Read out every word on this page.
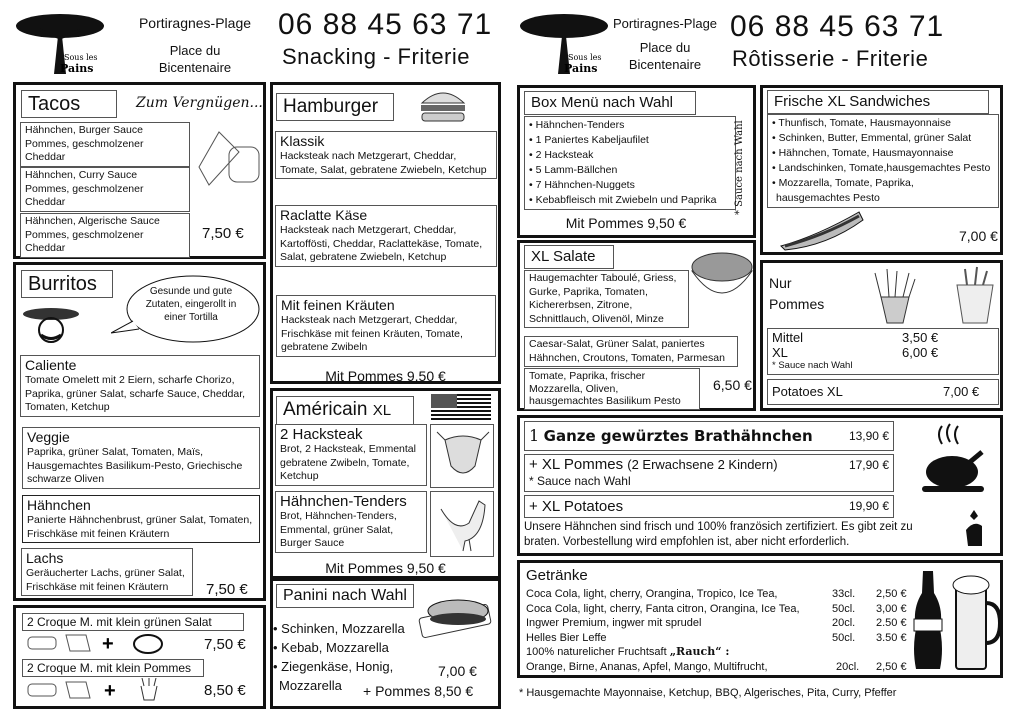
Sous les
Pains
Portiragnes-Plage
Place du
Bicentenaire
06 88 45 63 71
Snacking - Friterie	Sous les
Pains
Portiragnes-Plage
Place du
Bicentenaire
06 88 45 63 71
Rôtisserie - Friterie
Tacos	Zum Vergnügen...
Hähnchen, Burger Sauce
Pommes, geschmolzener
Cheddar
Hähnchen, Curry Sauce
Pommes, geschmolzener
Cheddar
Hähnchen, Algerische Sauce
Pommes, geschmolzener
Cheddar
7,50 €
Burritos	Gesunde und gute Zutaten, eingerollt in einer Tortilla
Caliente
Tomate Omelett mit 2 Eiern, scharfe Chorizo, Paprika, grüner Salat, scharfe Sauce, Cheddar, Tomaten, Ketchup
Veggie
Paprika, grüner Salat, Tomaten, Maïs, Hausgemachtes Basilikum-Pesto, Griechische schwarze Oliven
Hähnchen
Panierte Hähnchenbrust, grüner Salat, Tomaten, Frischkäse mit feinen Kräutern
Lachs
Geräucherter Lachs, grüner Salat, Frischkäse mit feinen Kräutern	7,50 €
2 Croque M. mit klein grünen Salat
+	7,50 €
2 Croque M. mit klein Pommes
+	8,50 €
Hamburger
Klassik
Hacksteak nach Metzgerart, Cheddar, Tomate, Salat, gebratene Zwiebeln, Ketchup
Raclatte Käse
Hacksteak nach Metzgerart, Cheddar, Kartoffösti, Cheddar, Raclattekäse, Tomate, Salat, gebratene Zwiebeln, Ketchup
Mit feinen Kräuten
Hacksteak nach Metzgerart, Cheddar, Frischkäse mit feinen Kräuten, Tomate, gebratene Zwibeln
Mit Pommes 9,50 €
Américain XL
2 Hacksteak
Brot, 2 Hacksteak, Emmental gebratene Zwibeln, Tomate, Ketchup
Hähnchen-Tenders
Brot, Hähnchen-Tenders, Emmental, grüner Salat, Burger Sauce
Mit Pommes 9,50 €
Panini nach Wahl
• Schinken, Mozzarella
• Kebab, Mozzarella
• Ziegenkäse, Honig,
Mozzarella
7,00 €
+ Pommes 8,50 €
Box Menü nach Wahl
• Hähnchen-Tenders
• 1 Paniertes Kabeljaufilet
• 2 Hacksteak
• 5 Lamm-Bällchen
• 7 Hähnchen-Nuggets
• Kebabfleisch mit Zwiebeln und Paprika	* Sauce nach Wahl
Mit Pommes 9,50 €
Frische XL Sandwiches
• Thunfisch, Tomate, Hausmayonnaise
• Schinken, Butter, Emmental, grüner Salat
• Hähnchen, Tomate, Hausmayonnaise
• Landschinken, Tomate,hausgemachtes Pesto
• Mozzarella, Tomate, Paprika,
hausgemachtes Pesto
7,00 €
XL Salate
Haugemachter Taboulé, Griess, Gurke, Paprika, Tomaten, Kichererbsen, Zitrone, Schnittlauch, Olivenöl, Minze
Caesar-Salat, Grüner Salat, paniertes Hähnchen, Croutons, Tomaten, Parmesan
Tomate, Paprika, frischer Mozzarella, Oliven, hausgemachtes Basilikum Pesto
6,50 €
Nur
Pommes
Mittel	3,50 €
XL	6,00 €
* Sauce nach Wahl
Potatoes XL	7,00 €
1 Ganze gewürztes Brathähnchen	13,90 €
+ XL Pommes (2 Erwachsene 2 Kindern)	17,90 €
* Sauce nach Wahl
+ XL Potatoes	19,90 €
Unsere Hähnchen sind frisch und 100% französich zertifiziert. Es gibt zeit zu braten. Vorbestellung wird empfohlen ist, aber nicht erforderlich.
Getränke
Coca Cola, light, cherry, Orangina, Tropico, Ice Tea,	33cl. 2,50 €
Coca Cola, light, cherry, Fanta citron, Orangina, Ice Tea,	50cl. 3,00 €
Ingwer Premium, ingwer mit sprudel	20cl. 2.50 €
Helles Bier Leffe	50cl. 3.50 €
100% naturelicher Fruchtsaft „Rauch“ :
Orange, Birne, Ananas, Apfel, Mango, Multifrucht,	20cl. 2,50 €
* Hausgemachte Mayonnaise, Ketchup, BBQ, Algerisches, Pita, Curry, Pfeffer
